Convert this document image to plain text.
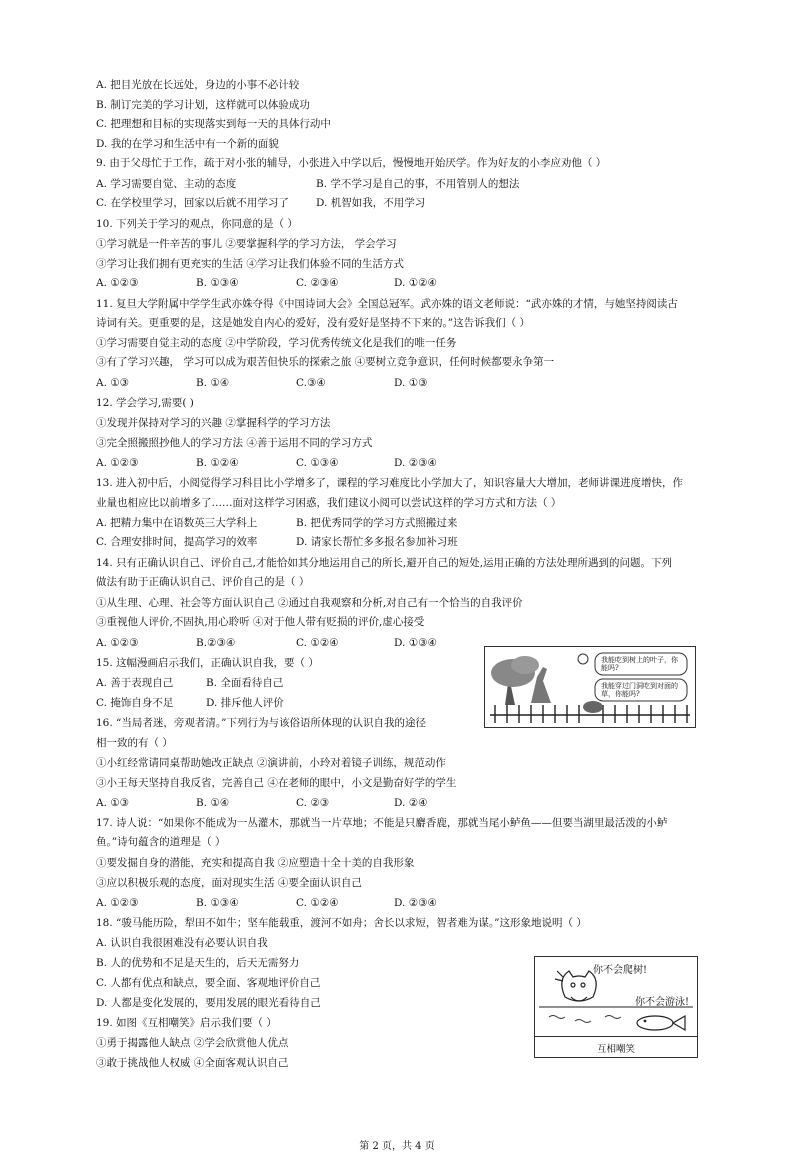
A. 把目光放在长远处，身边的小事不必计较
B. 制订完美的学习计划，这样就可以体验成功
C. 把理想和目标的实现落实到每一天的具体行动中
D. 我的在学习和生活中有一个新的面貌
9. 由于父母忙于工作，疏于对小张的辅导，小张进入中学以后，慢慢地开始厌学。作为好友的小李应劝他（ ）
A. 学习需要自觉、主动的态度	B. 学不学习是自己的事，不用管别人的想法
C. 在学校里学习，回家以后就不用学习了	D. 机智如我，不用学习
10. 下列关于学习的观点，你同意的是（ ）
①学习就是一件辛苦的事儿 ②要掌握科学的学习方法， 学会学习
③学习让我们拥有更充实的生活 ④学习让我们体验不同的生活方式
A. ①②③	B. ①③④	C. ②③④	D. ①②④
11. 复旦大学附属中学学生武亦姝夺得《中国诗词大会》全国总冠军。武亦姝的语文老师说：“武亦姝的才情，与她坚持阅读古
诗词有关。更重要的是，这是她发自内心的爱好，没有爱好是坚持不下来的。”这告诉我们（ ）
①学习需要自觉主动的态度 ②中学阶段，学习优秀传统文化是我们的唯一任务
③有了学习兴趣， 学习可以成为艰苦但快乐的探索之旅 ④要树立竞争意识，任何时候都要永争第一
A. ①③	B. ①④	C.③④	D. ①③
12. 学会学习,需要( )
①发现并保持对学习的兴趣 ②掌握科学的学习方法
③完全照搬照抄他人的学习方法 ④善于运用不同的学习方式
A. ①②③	B. ①②④	C. ①③④	D. ②③④
13. 进入初中后，小阅觉得学习科目比小学增多了，课程的学习难度比小学加大了，知识容量大大增加，老师讲课进度增快，作
业量也相应比以前增多了……面对这样学习困惑，我们建议小阅可以尝试这样的学习方式和方法（ ）
A. 把精力集中在语数英三大学科上	B. 把优秀同学的学习方式照搬过来
C. 合理安排时间，提高学习的效率	D. 请家长帮忙多多报名参加补习班
14. 只有正确认识自己、评价自己,才能恰如其分地运用自己的所长,避开自己的短处,运用正确的方法处理所遇到的问题。下列
做法有助于正确认识自己、评价自己的是（ ）
①从生理、心理、社会等方面认识自己 ②通过自我观察和分析,对自己有一个恰当的自我评价
③重视他人评价,不固执,用心聆听 ④对于他人带有贬损的评价,虚心接受
A. ①②③	B.②③④	C. ①②④	D. ①③④
15. 这幅漫画启示我们，正确认识自我，要（ ）
A. 善于表现自己	B. 全面看待自己
C. 掩饰自身不足	D. 排斥他人评价
我能吃到树上的叶子，你能吗?
我能穿过门洞吃到对面的草，你能吗?
16. “当局者迷，旁观者清。”下列行为与该俗语所体现的认识自我的途径
相一致的有（ ）
①小红经常请同桌帮助她改正缺点 ②演讲前，小玲对着镜子训练，规范动作
③小王每天坚持自我反省，完善自己 ④在老师的眼中，小文是勤奋好学的学生
A. ①③	B. ①④	C. ②③	D. ②④
17. 诗人说：“如果你不能成为一丛灌木，那就当一片草地；不能是只麝香鹿，那就当尾小鲈鱼——但要当湖里最活泼的小鲈
鱼。”诗句蕴含的道理是（ ）
①要发掘自身的潜能，充实和提高自我 ②应塑造十全十美的自我形象
③应以积极乐观的态度，面对现实生活 ④要全面认识自己
A. ①②③	B. ①③④	C. ①②④	D. ②③④
18. “骏马能历险，犁田不如牛；坚车能载重，渡河不如舟；舍长以求短，智者难为谋。”这形象地说明（ ）
A. 认识自我很困难没有必要认识自我
B. 人的优势和不足是天生的，后天无需努力
C. 人都有优点和缺点，要全面、客观地评价自己
D. 人都是变化发展的，要用发展的眼光看待自己
19. 如图《互相嘲笑》启示我们要（ ）
①勇于揭露他人缺点 ②学会欣赏他人优点
③敢于挑战他人权威 ④全面客观认识自己
你不会爬树!
你不会游泳!
互相嘲笑
第 2 页，共 4 页
